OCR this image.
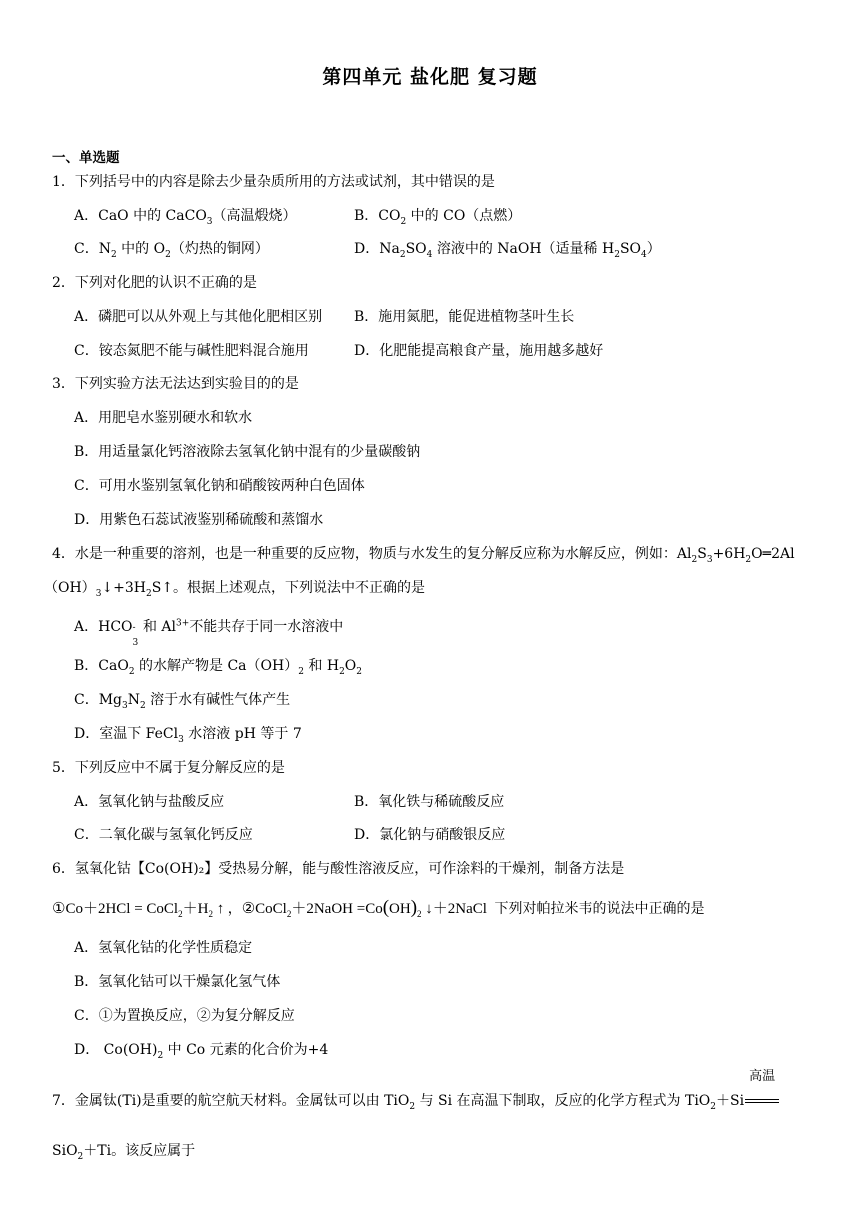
第四单元 盐化肥 复习题
一、单选题
1．下列括号中的内容是除去少量杂质所用的方法或试剂，其中错误的是
A．CaO 中的 CaCO$_3$（高温煅烧）	B．$CO_2$ 中的 CO（点燃）
C．$N_2$ 中的 $O_2$（灼热的铜网）	D．$Na_2SO_4$ 溶液中的 NaOH（适量稀 $H_2SO_4$）
2．下列对化肥的认识不正确的是
A．磷肥可以从外观上与其他化肥相区别 B．施用氮肥，能促进植物茎叶生长
C．铵态氮肥不能与碱性肥料混合施用	D．化肥能提高粮食产量，施用越多越好
3．下列实验方法无法达到实验目的的是
A．用肥皂水鉴别硬水和软水
B．用适量氯化钙溶液除去氢氧化钠中混有的少量碳酸钠
C．可用水鉴别氢氧化钠和硝酸铵两种白色固体
D．用紫色石蕊试液鉴别稀硫酸和蒸馏水
4．水是一种重要的溶剂，也是一种重要的反应物，物质与水发生的复分解反应称为水解反应，例如：$Al_2S_3+6H_2O═2Al$
$(OH)_3↓+3H_2S↑$。根据上述观点，下列说法中不正确的是
A．HCO -
3
和 $Al^{3+}$不能共存于同一水溶液中
B．CaO$_2$ 的水解产物是 $Ca(OH)_2$ 和 $H_2O_2$
C．$Mg_3N_2$ 溶于水有碱性气体产生
D．室温下 FeCl$_3$ 水溶液 pH 等于 7
5．下列反应中不属于复分解反应的是
A．氢氧化钠与盐酸反应	B．氧化铁与稀硫酸反应
C．二氧化碳与氢氧化钙反应	D．氯化钠与硝酸银反应
6．氢氧化钴【Co(OH)₂】受热易分解，能与酸性溶液反应，可作涂料的干燥剂，制备方法是
①Co＋2HCl = $CoCl_2+H_2$ ↑ ，②CoCl$_2$＋2NaOH $=Co(OH)_2$ ↓＋2NaCl 下列对帕拉米韦的说法中正确的是
A．氢氧化钴的化学性质稳定
B．氢氧化钴可以干燥氯化氢气体
C．①为置换反应，②为复分解反应
D． $Co(OH)_2$ 中 Co 元素的化合价为+4
7．金属钛(Ti)是重要的航空航天材料。金属钛可以由 TiO$_2$ 与 Si 在高温下制取，反应的化学方程式为 TiO$_2$＋Si
高温
SiO$_2$＋Ti。该反应属于
